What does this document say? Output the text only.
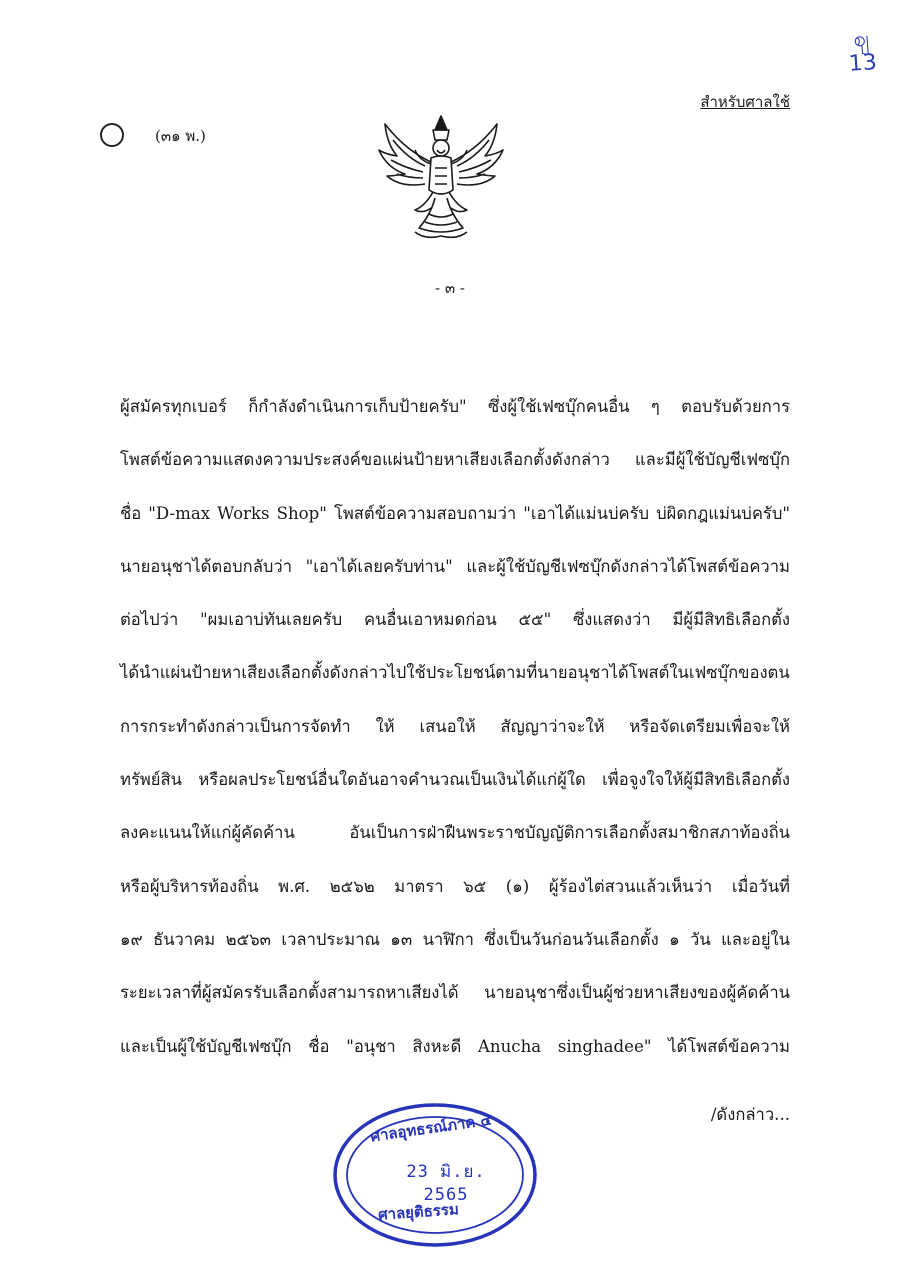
ဈ
13
สำหรับศาลใช้
(๓๑ พ.)
- ๓ -
ผู้สมัครทุกเบอร์ ก็กำลังดำเนินการเก็บป้ายครับ" ซึ่งผู้ใช้เฟซบุ๊กคนอื่น ๆ ตอบรับด้วยการ
โพสต์ข้อความแสดงความประสงค์ขอแผ่นป้ายหาเสียงเลือกตั้งดังกล่าว และมีผู้ใช้บัญชีเฟซบุ๊ก
ชื่อ "D-max Works Shop" โพสต์ข้อความสอบถามว่า "เอาได้แม่นบ่ครับ บ่ผิดกฎแม่นบ่ครับ"
นายอนุชาได้ตอบกลับว่า "เอาได้เลยครับท่าน" และผู้ใช้บัญชีเฟซบุ๊กดังกล่าวได้โพสต์ข้อความ
ต่อไปว่า "ผมเอาบ่ทันเลยครับ คนอื่นเอาหมดก่อน ๕๕" ซึ่งแสดงว่า มีผู้มีสิทธิเลือกตั้ง
ได้นำแผ่นป้ายหาเสียงเลือกตั้งดังกล่าวไปใช้ประโยชน์ตามที่นายอนุชาได้โพสต์ในเฟซบุ๊กของตน
การกระทำดังกล่าวเป็นการจัดทำ ให้ เสนอให้ สัญญาว่าจะให้ หรือจัดเตรียมเพื่อจะให้
ทรัพย์สิน หรือผลประโยชน์อื่นใดอันอาจคำนวณเป็นเงินได้แก่ผู้ใด เพื่อจูงใจให้ผู้มีสิทธิเลือกตั้ง
ลงคะแนนให้แก่ผู้คัดค้าน อันเป็นการฝ่าฝืนพระราชบัญญัติการเลือกตั้งสมาชิกสภาท้องถิ่น
หรือผู้บริหารท้องถิ่น พ.ศ. ๒๕๖๒ มาตรา ๖๕ (๑) ผู้ร้องไต่สวนแล้วเห็นว่า เมื่อวันที่
๑๙ ธันวาคม ๒๕๖๓ เวลาประมาณ ๑๓ นาฬิกา ซึ่งเป็นวันก่อนวันเลือกตั้ง ๑ วัน และอยู่ใน
ระยะเวลาที่ผู้สมัครรับเลือกตั้งสามารถหาเสียงได้ นายอนุชาซึ่งเป็นผู้ช่วยหาเสียงของผู้คัดค้าน
และเป็นผู้ใช้บัญชีเฟซบุ๊ก ชื่อ "อนุชา สิงหะดี Anucha singhadee" ได้โพสต์ข้อความ
/ดังกล่าว...
ศาลอุทธรณ์ภาค ๔
23 มิ.ย. 2565
ศาลยุติธรรม
